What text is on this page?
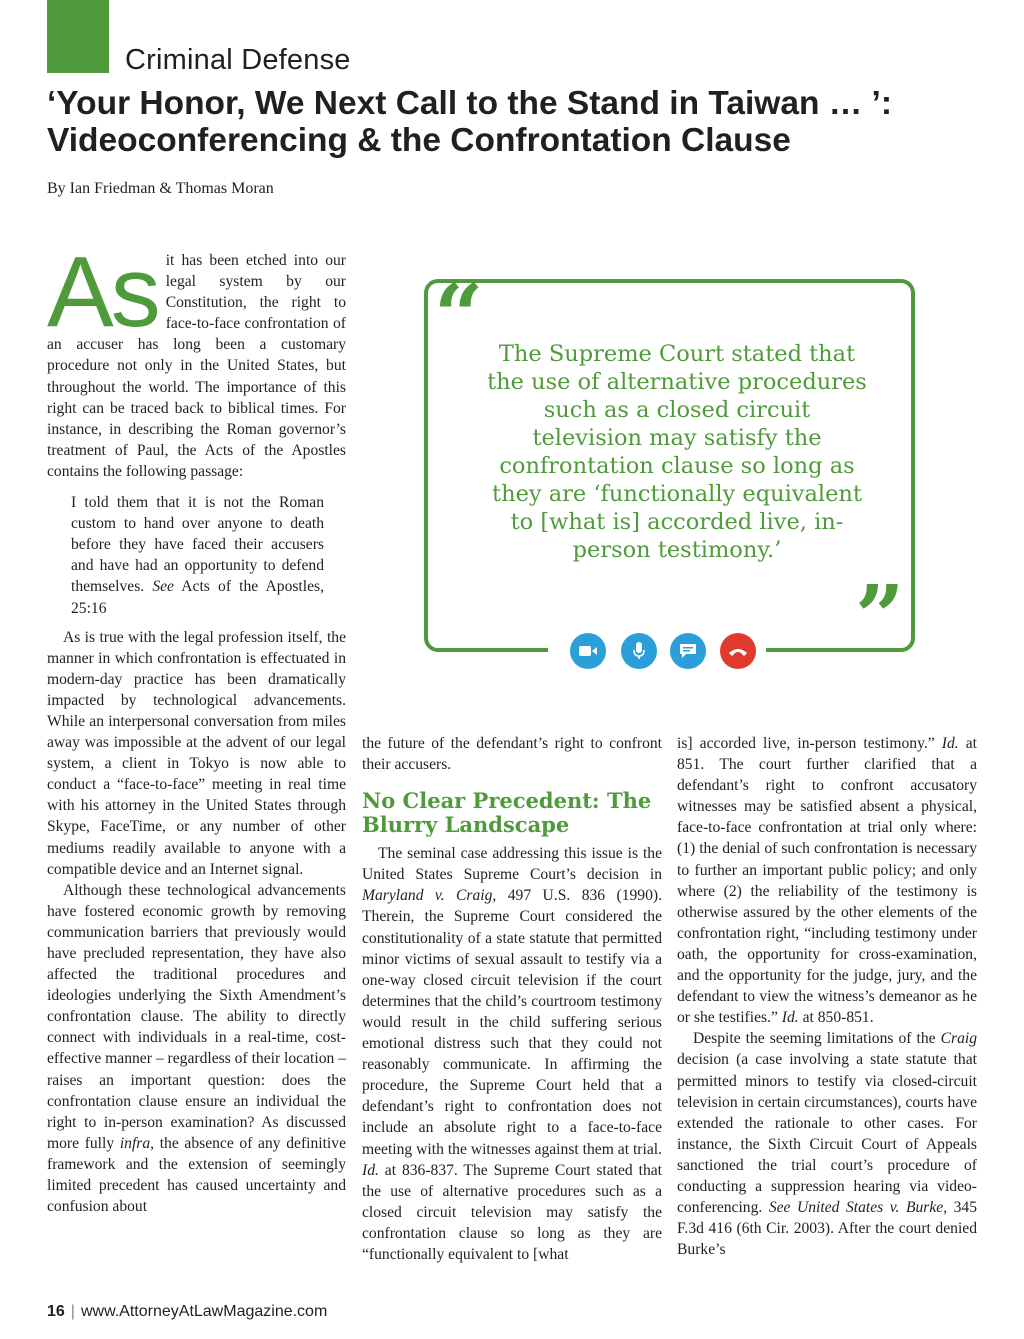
Criminal Defense
‘Your Honor, We Next Call to the Stand in Taiwan … ’: Videoconferencing & the Confrontation Clause
By Ian Friedman & Thomas Moran

As it has been etched into our legal system by our Constitution, the right to face-to-face confrontation of an accuser has long been a customary procedure not only in the United States, but throughout the world. The importance of this right can be traced back to biblical times. For instance, in describing the Roman governor’s treatment of Paul, the Acts of the Apostles contains the following passage:

I told them that it is not the Roman custom to hand over anyone to death before they have faced their accusers and have had an opportunity to defend themselves. See Acts of the Apostles, 25:16

As is true with the legal profession itself, the manner in which confrontation is effectuated in modern-day practice has been dramatically impacted by technological advancements. While an interpersonal conversation from miles away was impossible at the advent of our legal system, a client in Tokyo is now able to conduct a “face-to-face” meeting in real time with his attorney in the United States through Skype, FaceTime, or any number of other mediums readily available to anyone with a compatible device and an Internet signal.

Although these technological advancements have fostered economic growth by removing communication barriers that previously would have precluded representation, they have also affected the traditional procedures and ideologies underlying the Sixth Amendment’s confrontation clause. The ability to directly connect with individuals in a real-time, cost-effective manner – regardless of their location – raises an important question: does the confrontation clause ensure an individual the right to in-person examination? As discussed more fully infra, the absence of any definitive framework and the extension of seemingly limited precedent has caused uncertainty and confusion about

“
”
The Supreme Court stated that the use of alternative procedures such as a closed circuit television may satisfy the confrontation clause so long as they are ‘functionally equivalent to [what is] accorded live, in-person testimony.’

the future of the defendant’s right to confront their accusers.

No Clear Precedent: The Blurry Landscape

The seminal case addressing this issue is the United States Supreme Court’s decision in Maryland v. Craig, 497 U.S. 836 (1990). Therein, the Supreme Court considered the constitutionality of a state statute that permitted minor victims of sexual assault to testify via a one-way closed circuit television if the court determines that the child’s courtroom testimony would result in the child suffering serious emotional distress such that they could not reasonably communicate. In affirming the procedure, the Supreme Court held that a defendant’s right to confrontation does not include an absolute right to a face-to-face meeting with the witnesses against them at trial. Id. at 836-837. The Supreme Court stated that the use of alternative procedures such as a closed circuit television may satisfy the confrontation clause so long as they are “functionally equivalent to [what

is] accorded live, in-person testimony.” Id. at 851. The court further clarified that a defendant’s right to confront accusatory witnesses may be satisfied absent a physical, face-to-face confrontation at trial only where: (1) the denial of such confrontation is necessary to further an important public policy; and only where (2) the reliability of the testimony is otherwise assured by the other elements of the confrontation right, “including testimony under oath, the opportunity for cross-examination, and the opportunity for the judge, jury, and the defendant to view the witness’s demeanor as he or she testifies.” Id. at 850-851.

Despite the seeming limitations of the Craig decision (a case involving a state statute that permitted minors to testify via closed-circuit television in certain circumstances), courts have extended the rationale to other cases. For instance, the Sixth Circuit Court of Appeals sanctioned the trial court’s procedure of conducting a suppression hearing via video-conferencing. See United States v. Burke, 345 F.3d 416 (6th Cir. 2003). After the court denied Burke’s

16 | www.AttorneyAtLawMagazine.com
